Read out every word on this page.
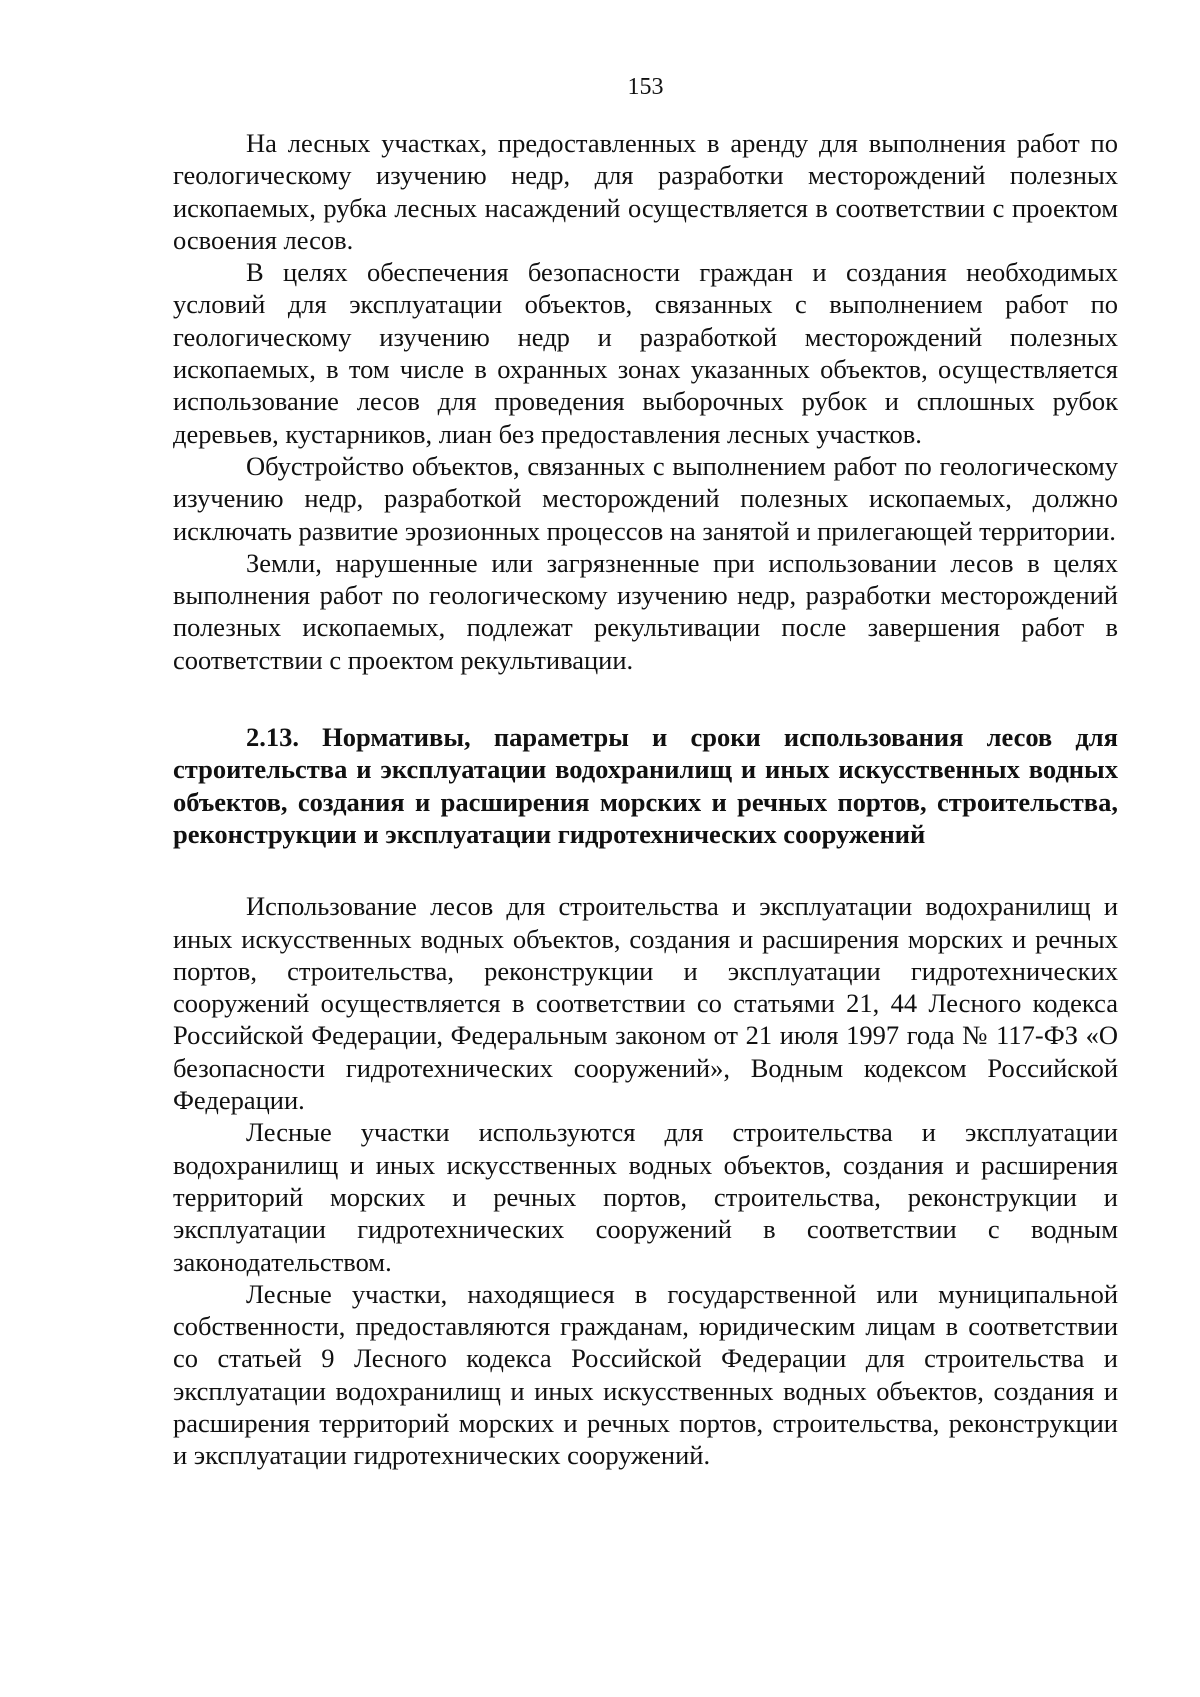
153

На лесных участках, предоставленных в аренду для выполнения работ по геологическому изучению недр, для разработки месторождений полезных ископаемых, рубка лесных насаждений осуществляется в соответствии с проектом освоения лесов.

В целях обеспечения безопасности граждан и создания необходимых условий для эксплуатации объектов, связанных с выполнением работ по геологическому изучению недр и разработкой месторождений полезных ископаемых, в том числе в охранных зонах указанных объектов, осуществляется использование лесов для проведения выборочных рубок и сплошных рубок деревьев, кустарников, лиан без предоставления лесных участков.

Обустройство объектов, связанных с выполнением работ по геологическому изучению недр, разработкой месторождений полезных ископаемых, должно исключать развитие эрозионных процессов на занятой и прилегающей территории.

Земли, нарушенные или загрязненные при использовании лесов в целях выполнения работ по геологическому изучению недр, разработки месторождений полезных ископаемых, подлежат рекультивации после завершения работ в соответствии с проектом рекультивации.

2.13. Нормативы, параметры и сроки использования лесов для строительства и эксплуатации водохранилищ и иных искусственных водных объектов, создания и расширения морских и речных портов, строительства, реконструкции и эксплуатации гидротехнических сооружений

Использование лесов для строительства и эксплуатации водохранилищ и иных искусственных водных объектов, создания и расширения морских и речных портов, строительства, реконструкции и эксплуатации гидротехнических сооружений осуществляется в соответствии со статьями 21, 44 Лесного кодекса Российской Федерации, Федеральным законом от 21 июля 1997 года № 117-ФЗ «О безопасности гидротехнических сооружений», Водным кодексом Российской Федерации.

Лесные участки используются для строительства и эксплуатации водохранилищ и иных искусственных водных объектов, создания и расширения территорий морских и речных портов, строительства, реконструкции и эксплуатации гидротехнических сооружений в соответствии с водным законодательством.

Лесные участки, находящиеся в государственной или муниципальной собственности, предоставляются гражданам, юридическим лицам в соответствии со статьей 9 Лесного кодекса Российской Федерации для строительства и эксплуатации водохранилищ и иных искусственных водных объектов, создания и расширения территорий морских и речных портов, строительства, реконструкции и эксплуатации гидротехнических сооружений.
